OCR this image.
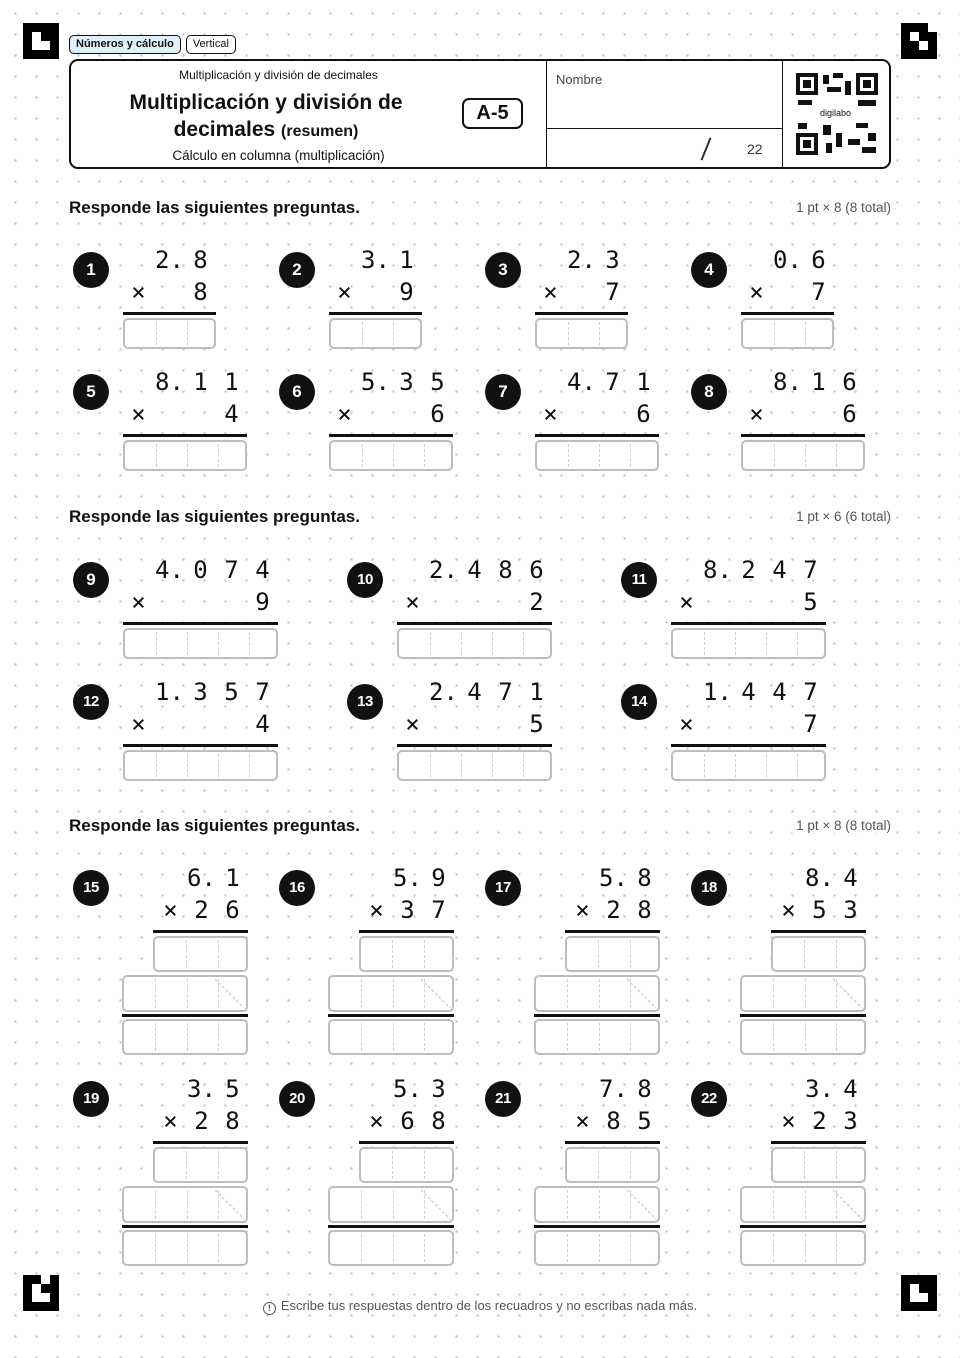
Números y cálculo	Vertical
Multiplicación y división de decimales
Multiplicación y división de
decimales (resumen)
A-5
Cálculo en columna (multiplicación)
Nombre
22
digilabo
Responde las siguientes preguntas.	1 pt × 8 (8 total)
Responde las siguientes preguntas.	1 pt × 6 (6 total)
Responde las siguientes preguntas.	1 pt × 8 (8 total)
1	2. 8
×	8
2	3. 1
×	9
3	2. 3
×	7
4	0. 6
×	7
5	8. 1 1
×	4
6	5. 3 5
×	6
7	4. 7 1
×	6
8	8. 1 6
×	6
9	4. 0 7 4
×	9
10	2. 4 8 6
×	2
11	8. 2 4 7
×	5
12	1. 3 5 7
×	4
13	2. 4 7 1
×	5
14	1. 4 4 7
×	7
15	6. 1
× 2 6
16	5. 9
× 3 7
17	5. 8
× 2 8
18	8. 4
× 5 3
19	3. 5
× 2 8
20	5. 3
× 6 8
21	7. 8
× 8 5
22	3. 4
× 2 3
! Escribe tus respuestas dentro de los recuadros y no escribas nada más.
